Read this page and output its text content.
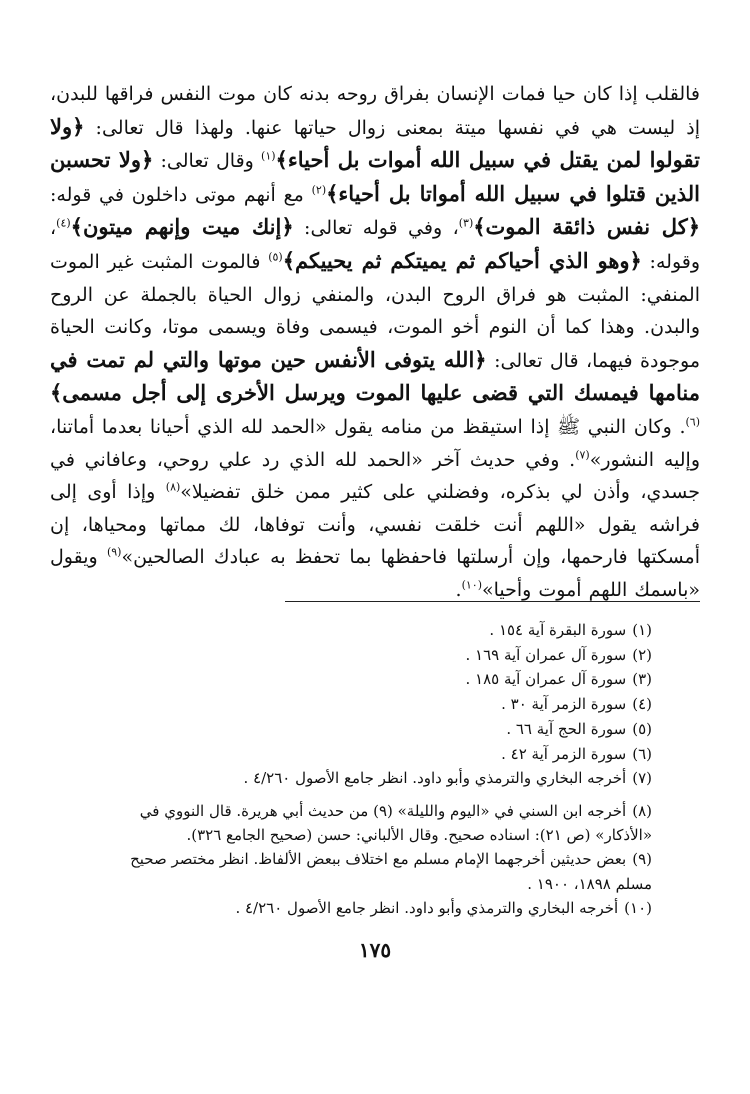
فالقلب إذا كان حيا فمات الإنسان بفراق روحه بدنه كان موت النفس فراقها للبدن، إذ ليست هي في نفسها ميتة بمعنى زوال حياتها عنها. ولهذا قال تعالى: ﴿ولا تقولوا لمن يقتل في سبيل الله أموات بل أحياء﴾$^{(١)}$ وقال تعالى: ﴿ولا تحسبن الذين قتلوا في سبيل الله أمواتا بل أحياء﴾$^{(٢)}$ مع أنهم موتى داخلون في قوله: ﴿كل نفس ذائقة الموت﴾$^{(٣)}$، وفي قوله تعالى: ﴿إنك ميت وإنهم ميتون﴾$^{(٤)}$، وقوله: ﴿وهو الذي أحياكم ثم يميتكم ثم يحييكم﴾$^{(٥)}$ فالموت المثبت غير الموت المنفي: المثبت هو فراق الروح البدن، والمنفي زوال الحياة بالجملة عن الروح والبدن. وهذا كما أن النوم أخو الموت، فيسمى وفاة ويسمى موتا، وكانت الحياة موجودة فيهما، قال تعالى: ﴿الله يتوفى الأنفس حين موتها والتي لم تمت في منامها فيمسك التي قضى عليها الموت ويرسل الأخرى إلى أجل مسمى﴾$^{(٦)}$. وكان النبي ﷺ إذا استيقظ من منامه يقول «الحمد لله الذي أحيانا بعدما أماتنا، وإليه النشور»$^{(٧)}$. وفي حديث آخر «الحمد لله الذي رد علي روحي، وعافاني في جسدي، وأذن لي بذكره، وفضلني على كثير ممن خلق تفضيلا»$^{(٨)}$ وإذا أوى إلى فراشه يقول «اللهم أنت خلقت نفسي، وأنت توفاها، لك مماتها ومحياها، إن أمسكتها فارحمها، وإن أرسلتها فاحفظها بما تحفظ به عبادك الصالحين»$^{(٩)}$ ويقول «باسمك اللهم أموت وأحيا»$^{(١٠)}$.

(١)سورة البقرة آية ١٥٤ .

(٢)سورة آل عمران آية ١٦٩ .

(٣)سورة آل عمران آية ١٨٥ .

(٤)سورة الزمر آية ٣٠ .

(٥)سورة الحج آية ٦٦ .

(٦)سورة الزمر آية ٤٢ .

(٧)أخرجه البخاري والترمذي وأبو داود. انظر جامع الأصول ٤/٢٦٠ .

(٨)أخرجه ابن السني في «اليوم والليلة» (٩) من حديث أبي هريرة. قال النووي في «الأذكار» (ص ٢١): اسناده صحيح. وقال الألباني: حسن (صحيح الجامع ٣٢٦).

(٩)بعض حديثين أخرجهما الإمام مسلم مع اختلاف ببعض الألفاظ. انظر مختصر صحيح مسلم ١٨٩٨، ١٩٠٠ .

(١٠)أخرجه البخاري والترمذي وأبو داود. انظر جامع الأصول ٤/٢٦٠ .

١٧٥
